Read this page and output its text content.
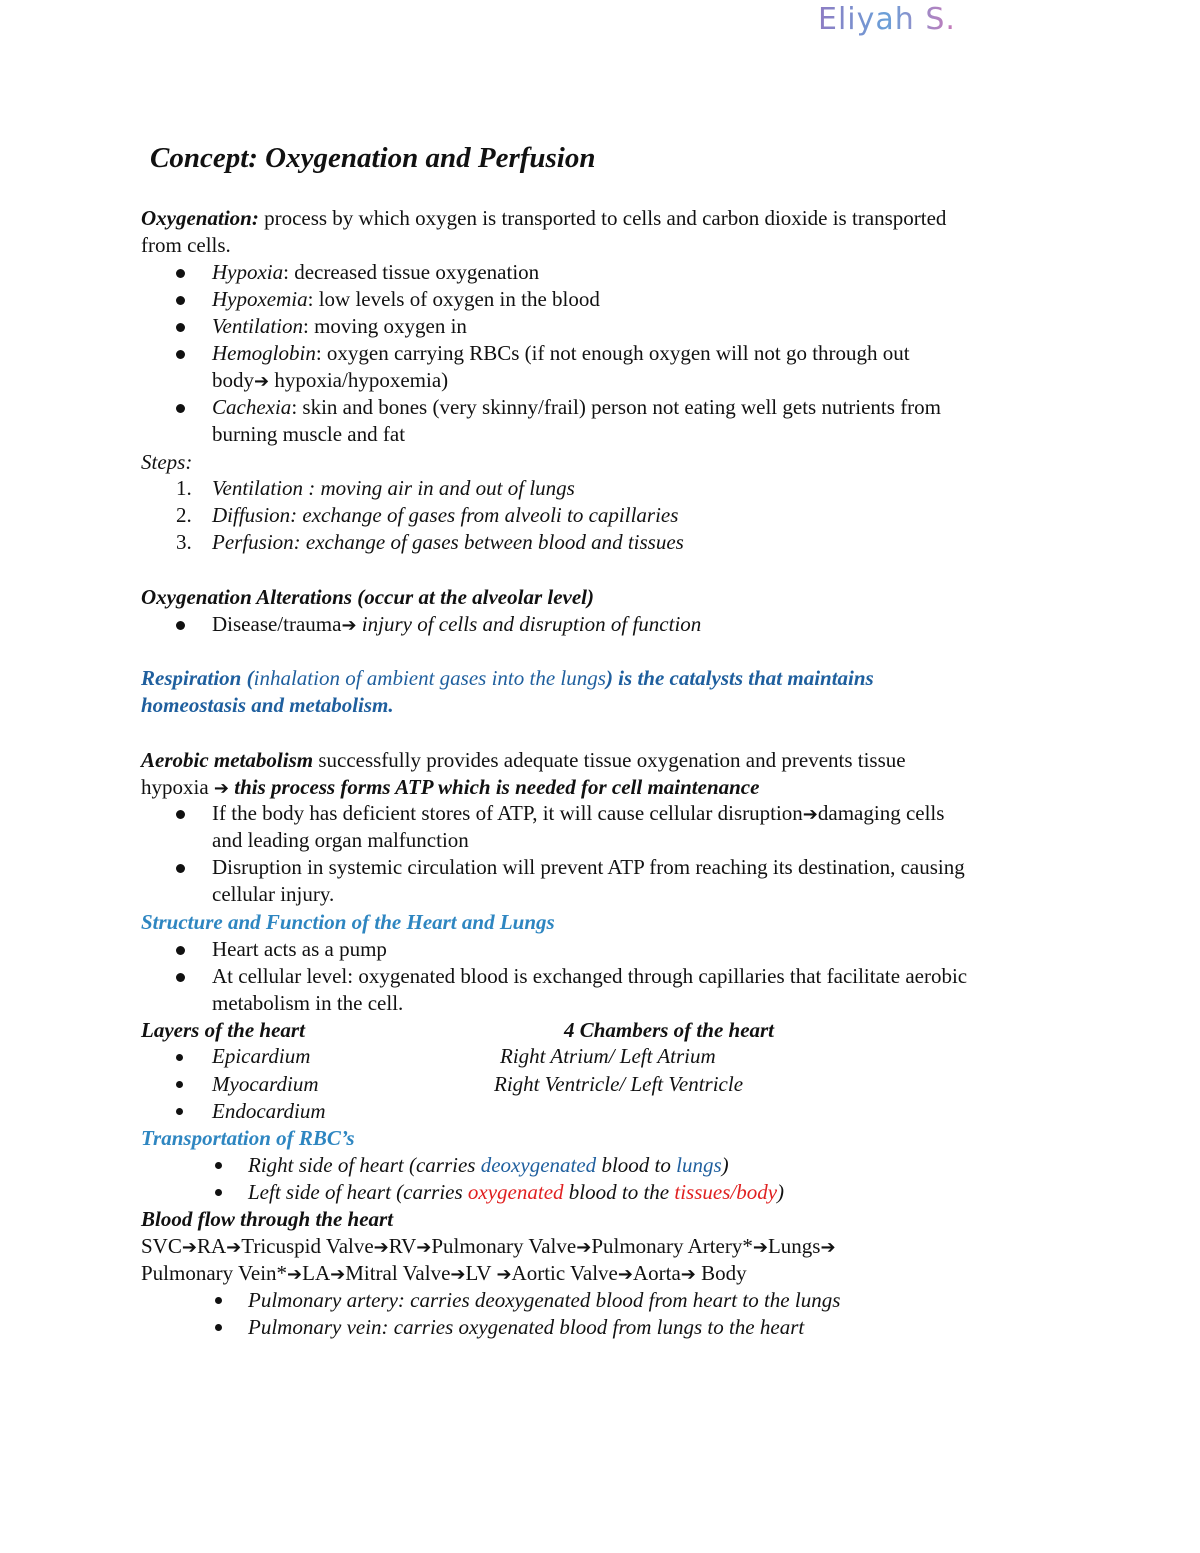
Eliyah S.
Concept: Oxygenation and Perfusion
Oxygenation: process by which oxygen is transported to cells and carbon dioxide is transported
from cells.
Hypoxia: decreased tissue oxygenation
Hypoxemia: low levels of oxygen in the blood
Ventilation: moving oxygen in
Hemoglobin: oxygen carrying RBCs (if not enough oxygen will not go through out
body➔ hypoxia/hypoxemia)
Cachexia: skin and bones (very skinny/frail) person not eating well gets nutrients from
burning muscle and fat
Steps:
1. Ventilation : moving air in and out of lungs
2. Diffusion: exchange of gases from alveoli to capillaries
3. Perfusion: exchange of gases between blood and tissues
Oxygenation Alterations (occur at the alveolar level)
Disease/trauma➔ injury of cells and disruption of function
Respiration (inhalation of ambient gases into the lungs) is the catalysts that maintains
homeostasis and metabolism.
Aerobic metabolism successfully provides adequate tissue oxygenation and prevents tissue
hypoxia ➔ this process forms ATP which is needed for cell maintenance
If the body has deficient stores of ATP, it will cause cellular disruption➔damaging cells
and leading organ malfunction
Disruption in systemic circulation will prevent ATP from reaching its destination, causing
cellular injury.
Structure and Function of the Heart and Lungs
Heart acts as a pump
At cellular level: oxygenated blood is exchanged through capillaries that facilitate aerobic
metabolism in the cell.
Layers of the heart	4 Chambers of the heart
Epicardium	Right Atrium/ Left Atrium
Myocardium	Right Ventricle/ Left Ventricle
Endocardium
Transportation of RBC’s
Right side of heart (carries deoxygenated blood to lungs)
Left side of heart (carries oxygenated blood to the tissues/body)
Blood flow through the heart
SVC➔RA➔Tricuspid Valve➔RV➔Pulmonary Valve➔Pulmonary Artery*➔Lungs➔
Pulmonary Vein*➔LA➔Mitral Valve➔LV ➔Aortic Valve➔Aorta➔ Body
Pulmonary artery: carries deoxygenated blood from heart to the lungs
Pulmonary vein: carries oxygenated blood from lungs to the heart
